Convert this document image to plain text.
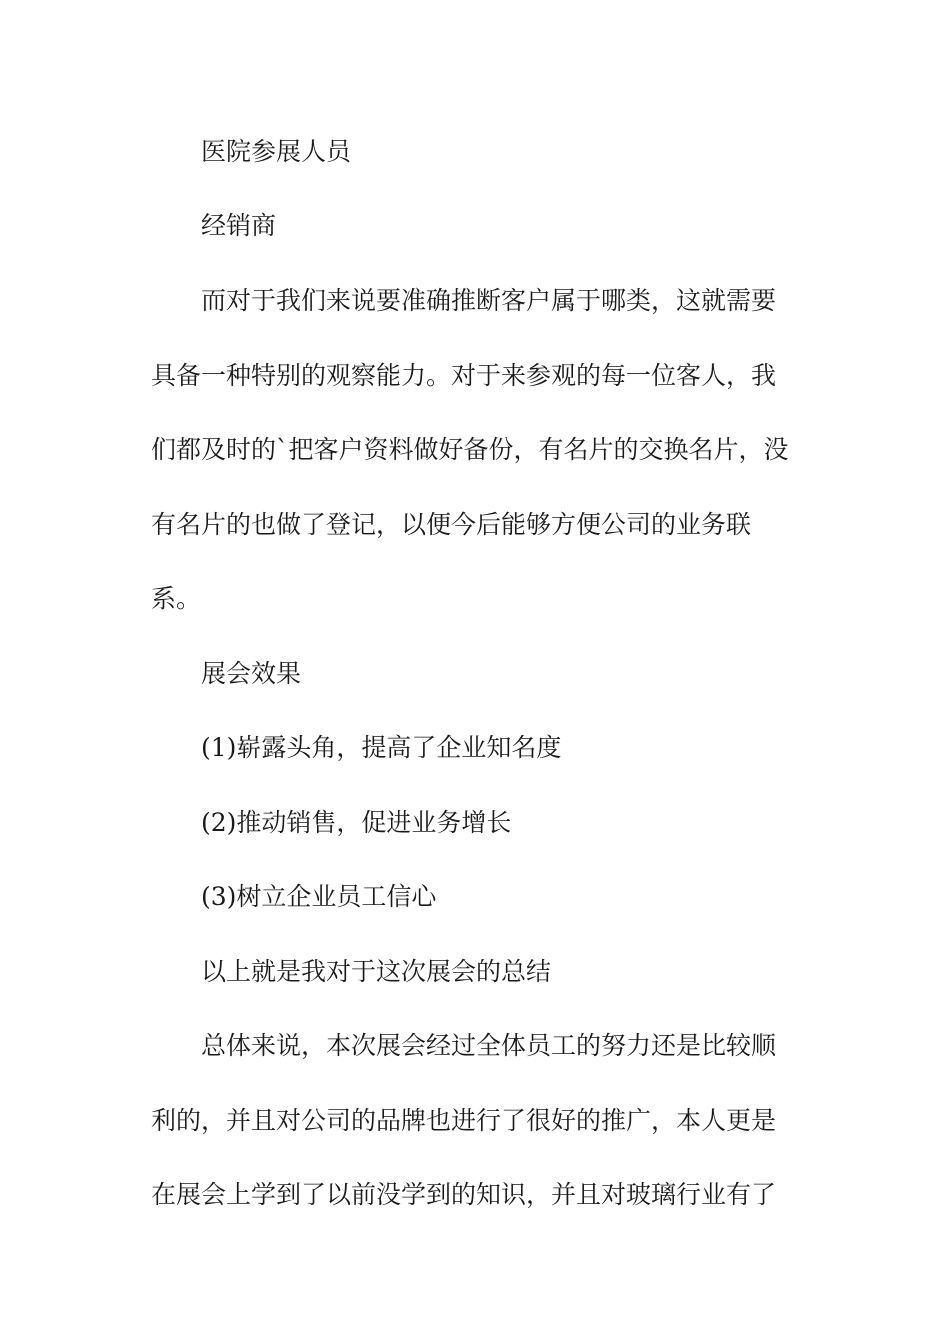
医院参展人员
经销商
而对于我们来说要准确推断客户属于哪类，这就需要
具备一种特别的观察能力。对于来参观的每一位客人，我
们都及时的`把客户资料做好备份，有名片的交换名片，没
有名片的也做了登记，以便今后能够方便公司的业务联
系。
展会效果
(1)崭露头角，提高了企业知名度
(2)推动销售，促进业务增长
(3)树立企业员工信心
以上就是我对于这次展会的总结
总体来说，本次展会经过全体员工的努力还是比较顺
利的，并且对公司的品牌也进行了很好的推广，本人更是
在展会上学到了以前没学到的知识，并且对玻璃行业有了
